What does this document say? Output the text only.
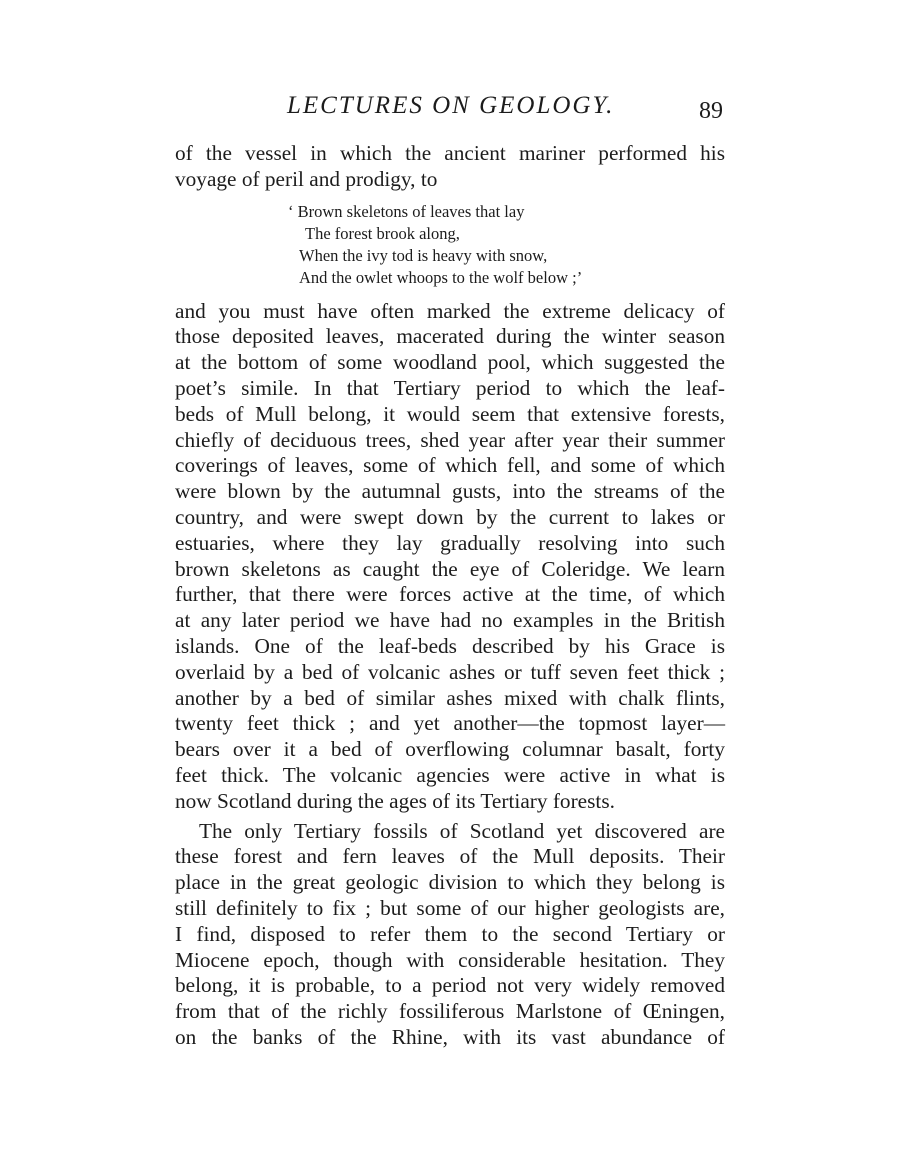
LECTURES ON GEOLOGY.	89
of the vessel in which the ancient mariner performed his
voyage of peril and prodigy, to
‘ Brown skeletons of leaves that lay
The forest brook along,
When the ivy tod is heavy with snow,
And the owlet whoops to the wolf below ;’
and you must have often marked the extreme delicacy of
those deposited leaves, macerated during the winter season
at the bottom of some woodland pool, which suggested the
poet’s simile. In that Tertiary period to which the leaf-
beds of Mull belong, it would seem that extensive forests,
chiefly of deciduous trees, shed year after year their summer
coverings of leaves, some of which fell, and some of which
were blown by the autumnal gusts, into the streams of the
country, and were swept down by the current to lakes or
estuaries, where they lay gradually resolving into such
brown skeletons as caught the eye of Coleridge. We learn
further, that there were forces active at the time, of which
at any later period we have had no examples in the British
islands. One of the leaf-beds described by his Grace is
overlaid by a bed of volcanic ashes or tuff seven feet thick ;
another by a bed of similar ashes mixed with chalk flints,
twenty feet thick ; and yet another—the topmost layer—
bears over it a bed of overflowing columnar basalt, forty
feet thick. The volcanic agencies were active in what is
now Scotland during the ages of its Tertiary forests.
The only Tertiary fossils of Scotland yet discovered are
these forest and fern leaves of the Mull deposits. Their
place in the great geologic division to which they belong is
still definitely to fix ; but some of our higher geologists are,
I find, disposed to refer them to the second Tertiary or
Miocene epoch, though with considerable hesitation. They
belong, it is probable, to a period not very widely removed
from that of the richly fossiliferous Marlstone of Œningen,
on the banks of the Rhine, with its vast abundance of
